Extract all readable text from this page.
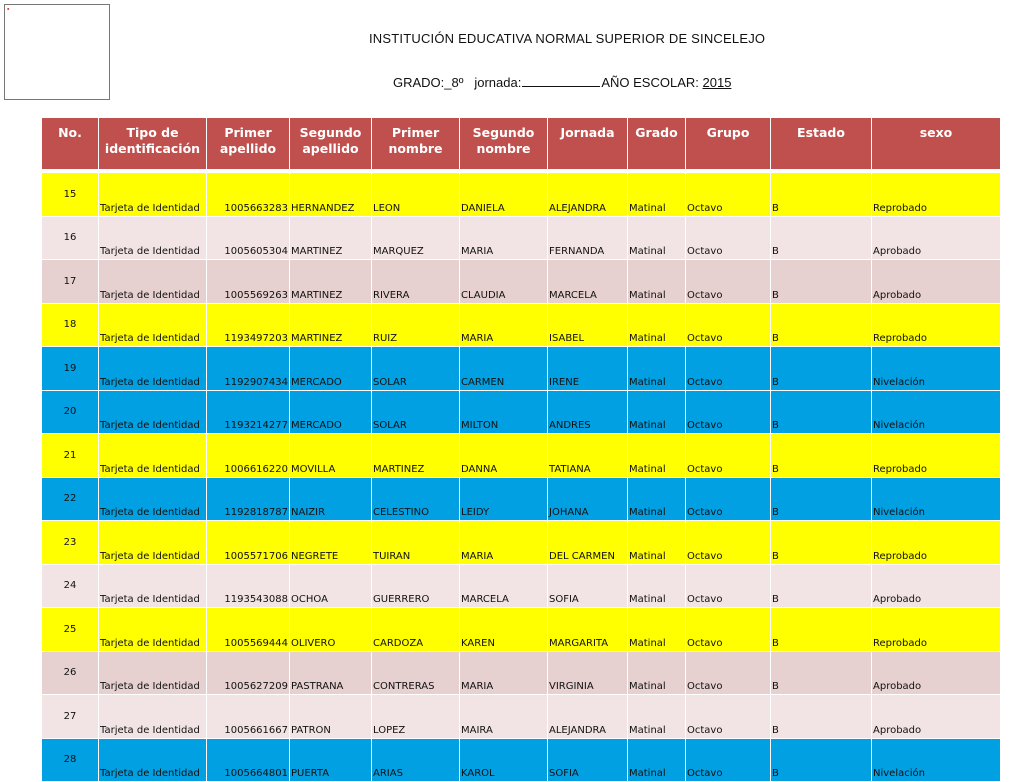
✖
INSTITUCIÓN EDUCATIVA NORMAL SUPERIOR DE SINCELEJO
GRADO:_8º jornada:	AÑO ESCOLAR: 2015
No.	Tipo de identificación	Primer apellido	Segundo apellido	Primer nombre	Segundo nombre	Jornada	Grado	Grupo	Estado	sexo
15	Tarjeta de Identidad	1005663283	HERNANDEZ	LEON	DANIELA	ALEJANDRA	Matinal	Octavo	B	Reprobado
16	Tarjeta de Identidad	1005605304	MARTINEZ	MARQUEZ	MARIA	FERNANDA	Matinal	Octavo	B	Aprobado
17	Tarjeta de Identidad	1005569263	MARTINEZ	RIVERA	CLAUDIA	MARCELA	Matinal	Octavo	B	Aprobado
18	Tarjeta de Identidad	1193497203	MARTINEZ	RUIZ	MARIA	ISABEL	Matinal	Octavo	B	Reprobado
19	Tarjeta de Identidad	1192907434	MERCADO	SOLAR	CARMEN	IRENE	Matinal	Octavo	B	Nivelación
20	Tarjeta de Identidad	1193214277	MERCADO	SOLAR	MILTON	ANDRES	Matinal	Octavo	B	Nivelación
21	Tarjeta de Identidad	1006616220	MOVILLA	MARTINEZ	DANNA	TATIANA	Matinal	Octavo	B	Reprobado
22	Tarjeta de Identidad	1192818787	NAIZIR	CELESTINO	LEIDY	JOHANA	Matinal	Octavo	B	Nivelación
23	Tarjeta de Identidad	1005571706	NEGRETE	TUIRAN	MARIA	DEL CARMEN	Matinal	Octavo	B	Reprobado
24	Tarjeta de Identidad	1193543088	OCHOA	GUERRERO	MARCELA	SOFIA	Matinal	Octavo	B	Aprobado
25	Tarjeta de Identidad	1005569444	OLIVERO	CARDOZA	KAREN	MARGARITA	Matinal	Octavo	B	Reprobado
26	Tarjeta de Identidad	1005627209	PASTRANA	CONTRERAS	MARIA	VIRGINIA	Matinal	Octavo	B	Aprobado
27	Tarjeta de Identidad	1005661667	PATRON	LOPEZ	MAIRA	ALEJANDRA	Matinal	Octavo	B	Aprobado
28	Tarjeta de Identidad	1005664801	PUERTA	ARIAS	KAROL	SOFIA	Matinal	Octavo	B	Nivelación
